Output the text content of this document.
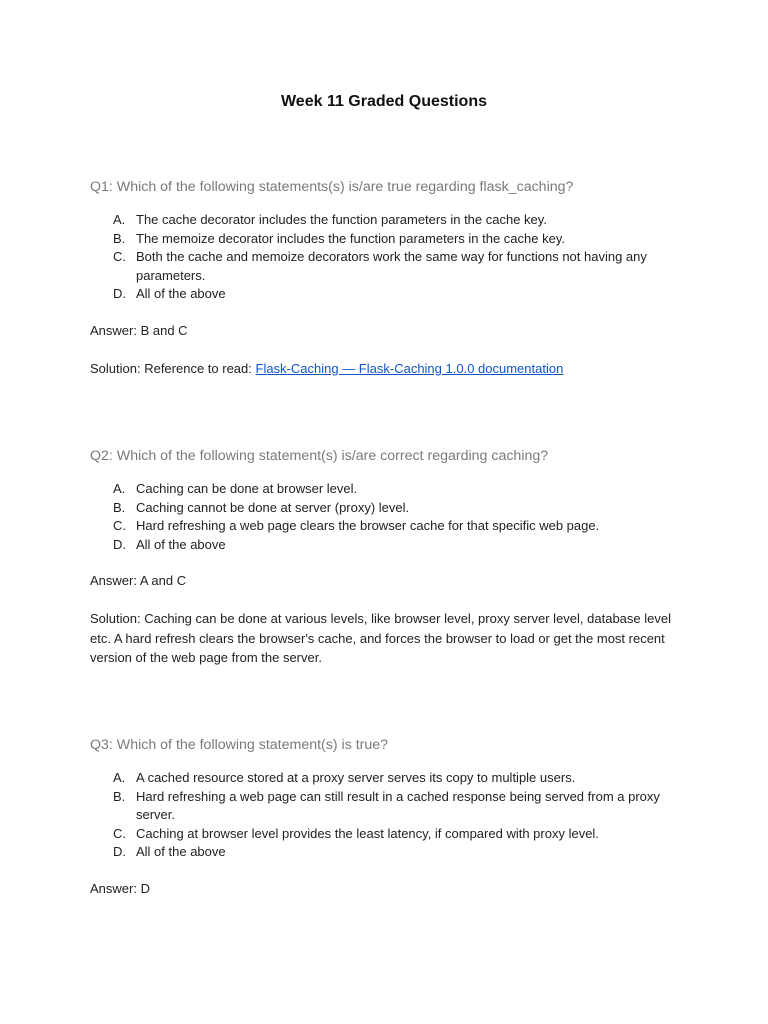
Week 11 Graded Questions

Q1: Which of the following statements(s) is/are true regarding flask_caching?

A. The cache decorator includes the function parameters in the cache key.
B. The memoize decorator includes the function parameters in the cache key.
C. Both the cache and memoize decorators work the same way for functions not having any parameters.
D. All of the above
Answer: B and C
Solution: Reference to read: Flask-Caching — Flask-Caching 1.0.0 documentation

Q2: Which of the following statement(s) is/are correct regarding caching?

A. Caching can be done at browser level.
B. Caching cannot be done at server (proxy) level.
C. Hard refreshing a web page clears the browser cache for that specific web page.
D. All of the above
Answer: A and C
Solution: Caching can be done at various levels, like browser level, proxy server level, database level etc. A hard refresh clears the browser's cache, and forces the browser to load or get the most recent version of the web page from the server.

Q3: Which of the following statement(s) is true?

A. A cached resource stored at a proxy server serves its copy to multiple users.
B. Hard refreshing a web page can still result in a cached response being served from a proxy server.
C. Caching at browser level provides the least latency, if compared with proxy level.
D. All of the above
Answer: D
